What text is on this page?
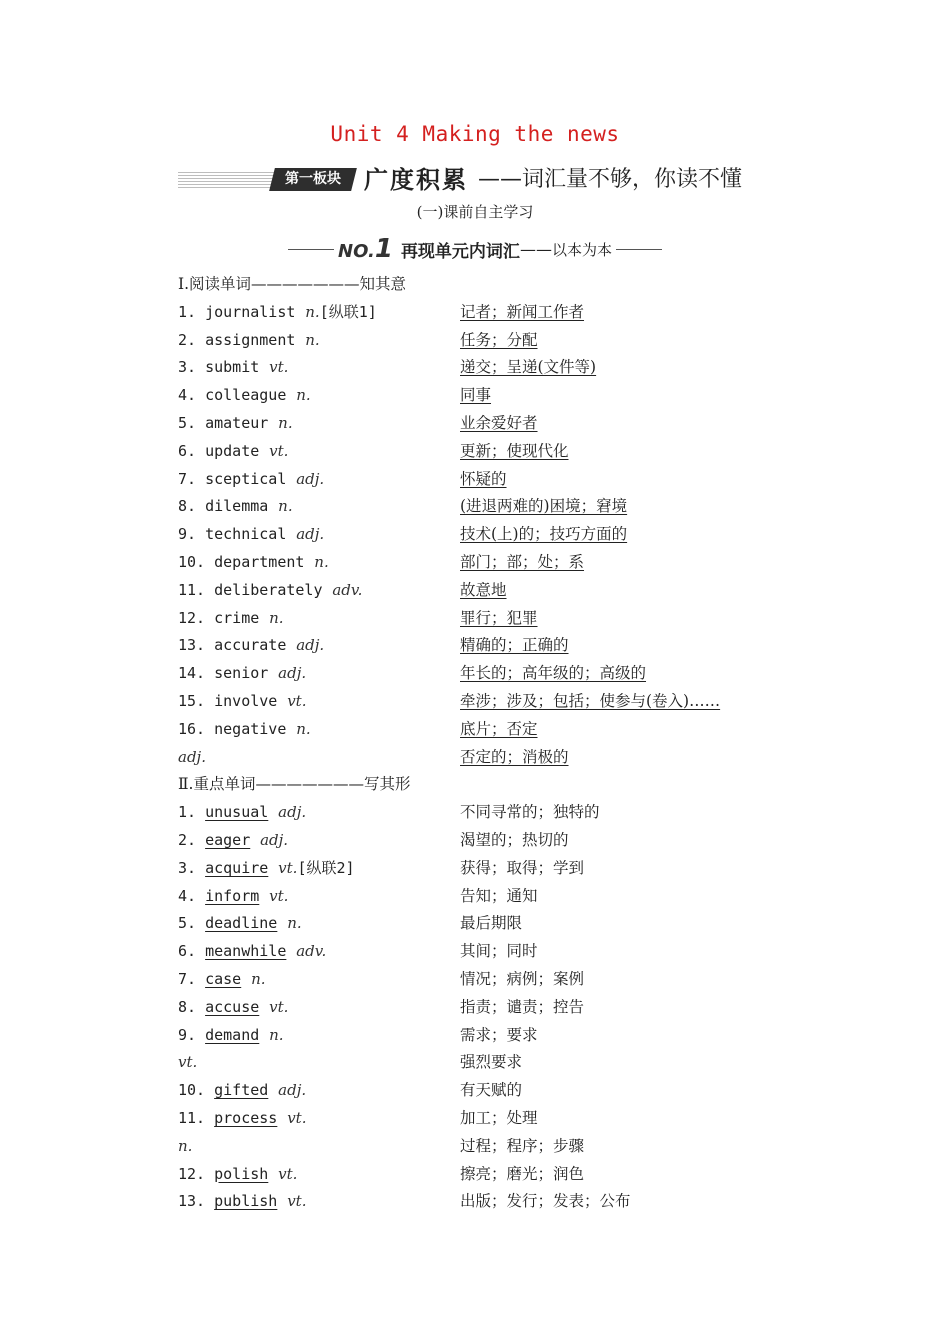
Unit 4 Making the news
第一板块 广度积累 ——词汇量不够，你读不懂
(一)课前自主学习
NO.1 再现单元内词汇 —— 以本为本
Ⅰ.阅读单词———————知其意
1. journalist n.[纵联1]	记者；新闻工作者
2. assignment n.	任务；分配
3. submit vt.	递交；呈递(文件等)
4. colleague n.	同事
5. amateur n.	业余爱好者
6. update vt.	更新；使现代化
7. sceptical adj.	怀疑的
8. dilemma n.	(进退两难的)困境；窘境
9. technical adj.	技术(上)的；技巧方面的
10. department n.	部门；部；处；系
11. deliberately adv.	故意地
12. crime n.	罪行；犯罪
13. accurate adj.	精确的；正确的
14. senior adj.	年长的；高年级的；高级的
15. involve vt.	牵涉；涉及；包括；使参与(卷入)……
16. negative n.	底片；否定
adj.	否定的；消极的
Ⅱ.重点单词———————写其形
1. unusual adj.	不同寻常的；独特的
2. eager adj.	渴望的；热切的
3. acquire vt.[纵联2]	获得；取得；学到
4. inform vt.	告知；通知
5. deadline n.	最后期限
6. meanwhile adv.	其间；同时
7. case n.	情况；病例；案例
8. accuse vt.	指责；谴责；控告
9. demand n.	需求；要求
vt.	强烈要求
10. gifted adj.	有天赋的
11. process vt.	加工；处理
n.	过程；程序；步骤
12. polish vt.	擦亮；磨光；润色
13. publish vt.	出版；发行；发表；公布
